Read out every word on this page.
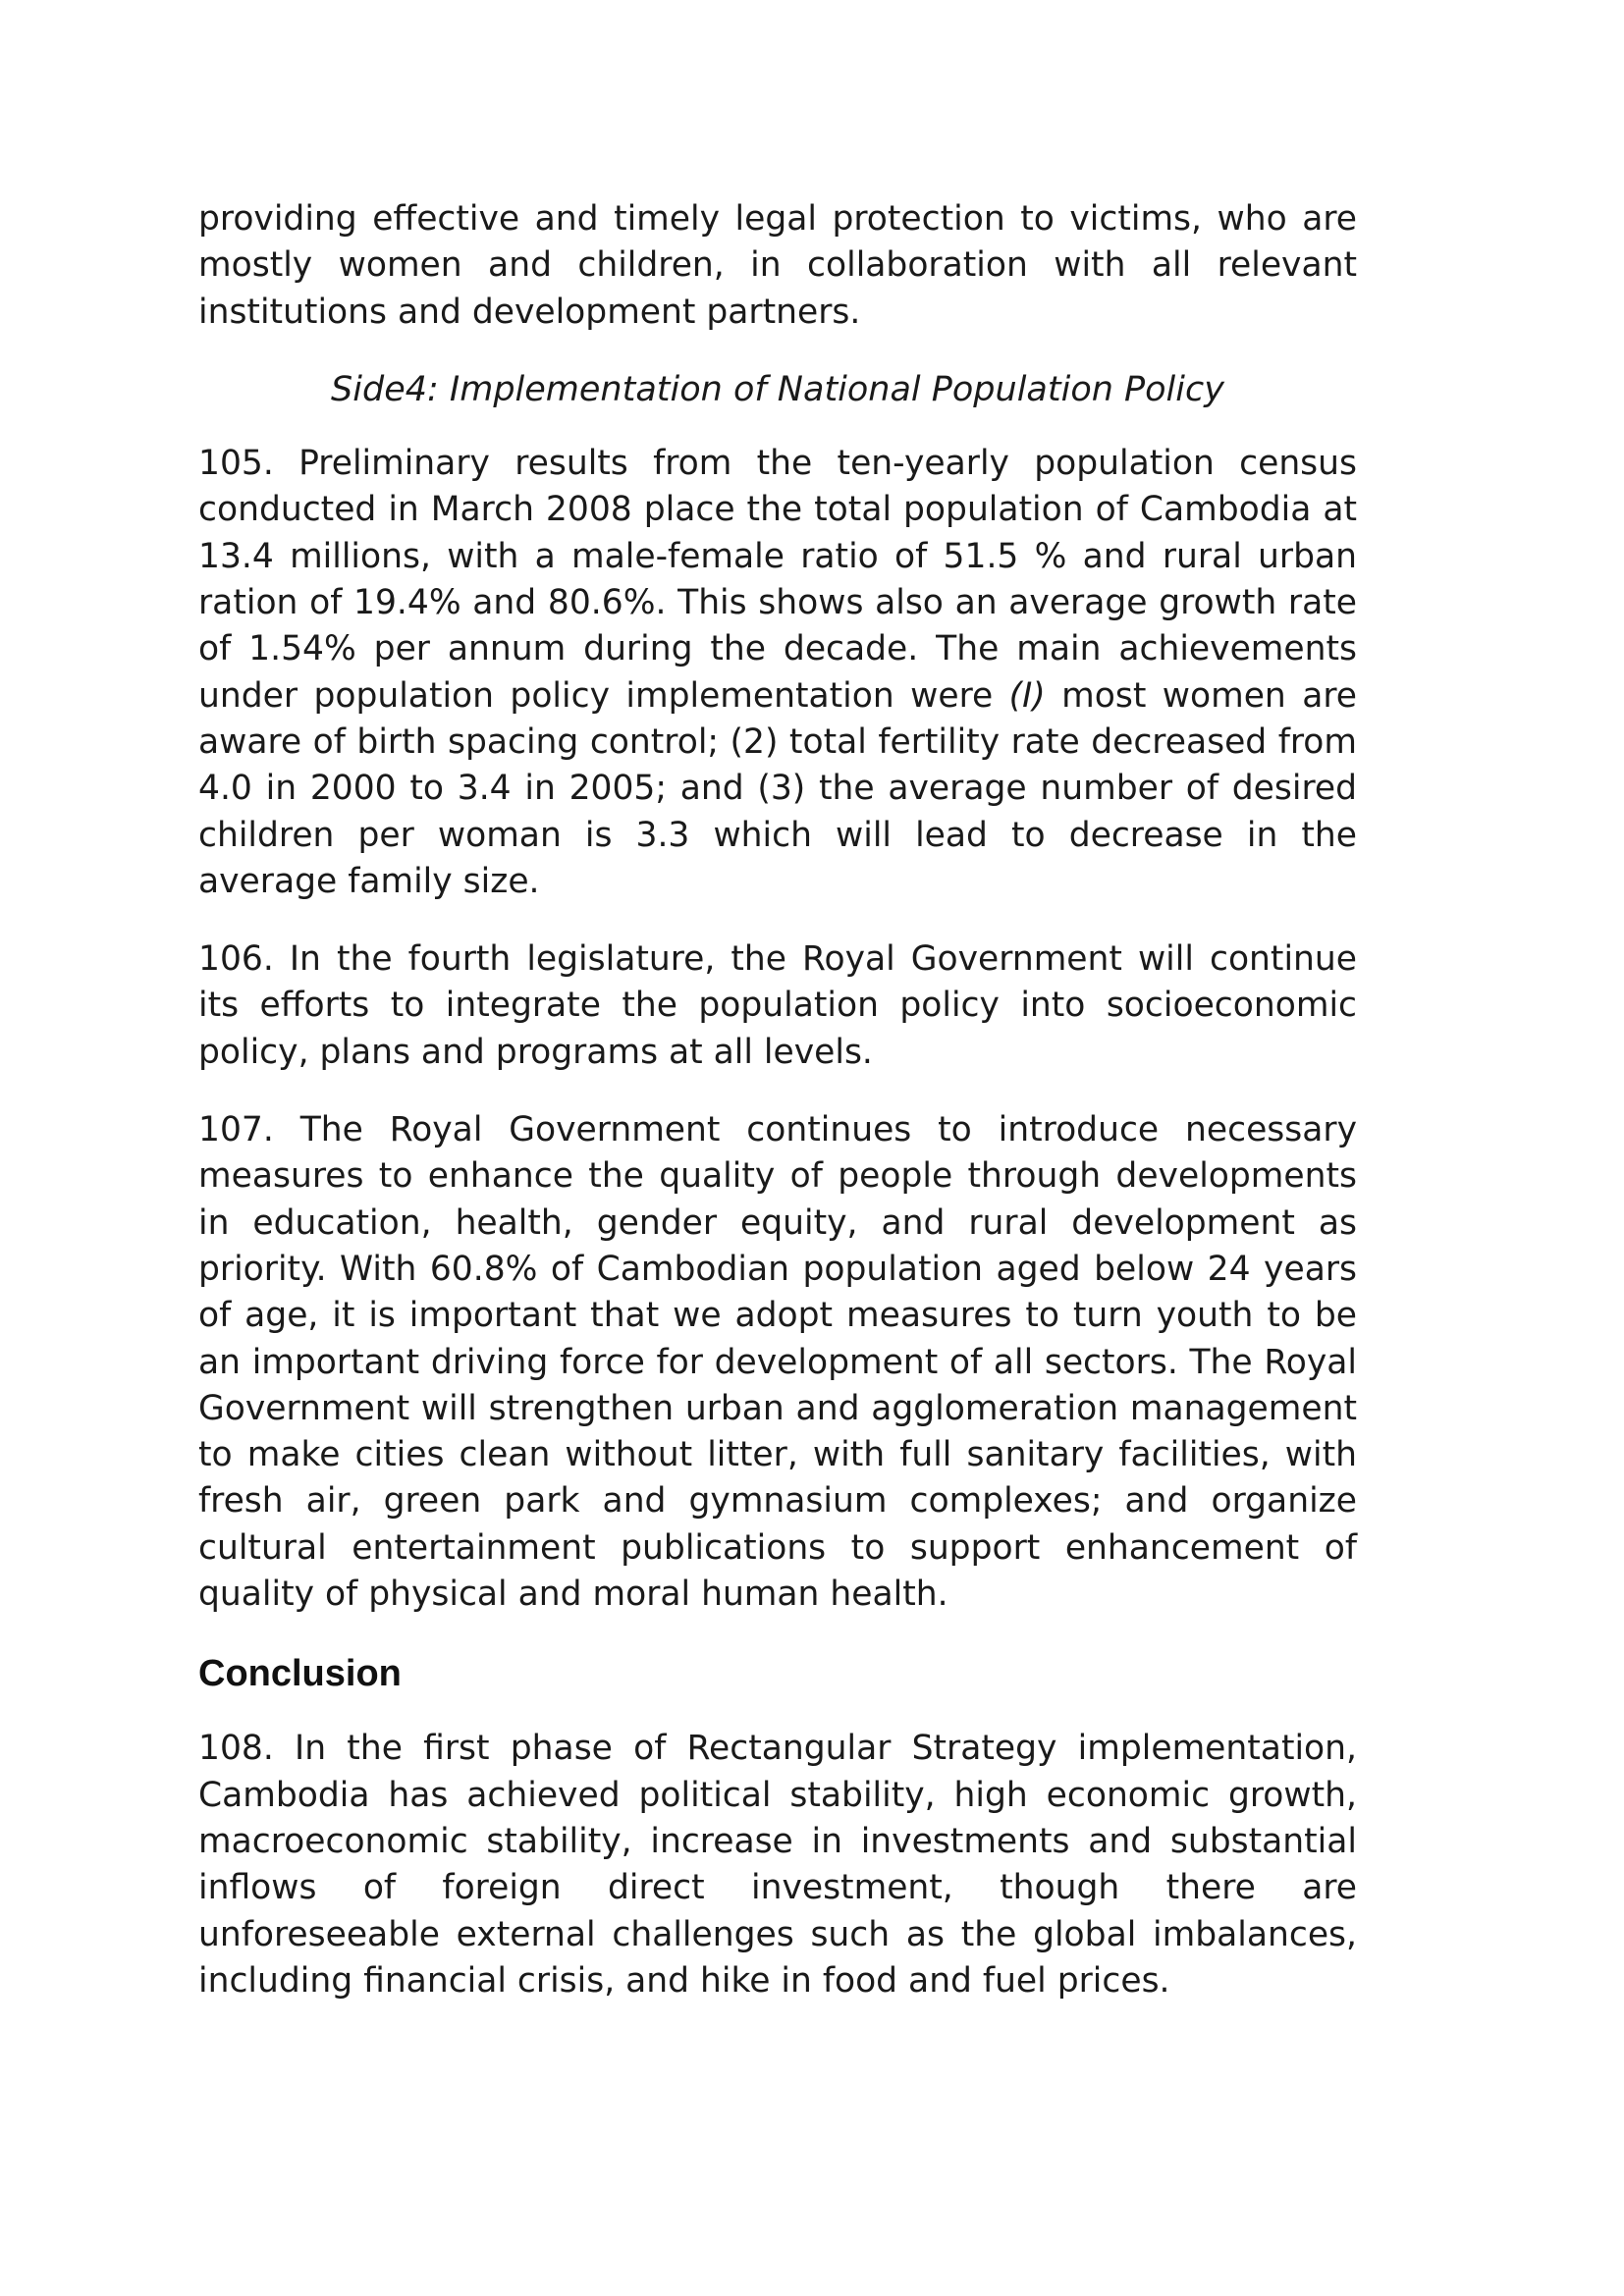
providing effective and timely legal protection to victims, who are mostly women and children, in collaboration with all relevant institutions and development partners.

Side4: Implementation of National Population Policy

105. Preliminary results from the ten-yearly population census conducted in March 2008 place the total population of Cambodia at 13.4 millions, with a male-female ratio of 51.5 % and rural urban ration of 19.4% and 80.6%. This shows also an average growth rate of 1.54% per annum during the decade. The main achievements under population policy implementation were (I) most women are aware of birth spacing control; (2) total fertility rate decreased from 4.0 in 2000 to 3.4 in 2005; and (3) the average number of desired children per woman is 3.3 which will lead to decrease in the average family size.

106. In the fourth legislature, the Royal Government will continue its efforts to integrate the population policy into socioeconomic policy, plans and programs at all levels.

107. The Royal Government continues to introduce necessary measures to enhance the quality of people through developments in education, health, gender equity, and rural development as priority. With 60.8% of Cambodian population aged below 24 years of age, it is important that we adopt measures to turn youth to be an important driving force for development of all sectors. The Royal Government will strengthen urban and agglomeration management to make cities clean without litter, with full sanitary facilities, with fresh air, green park and gymnasium complexes; and organize cultural entertainment publications to support enhancement of quality of physical and moral human health.

Conclusion

108. In the first phase of Rectangular Strategy implementation, Cambodia has achieved political stability, high economic growth, macroeconomic stability, increase in investments and substantial inflows of foreign direct investment, though there are unforeseeable external challenges such as the global imbalances, including financial crisis, and hike in food and fuel prices.
